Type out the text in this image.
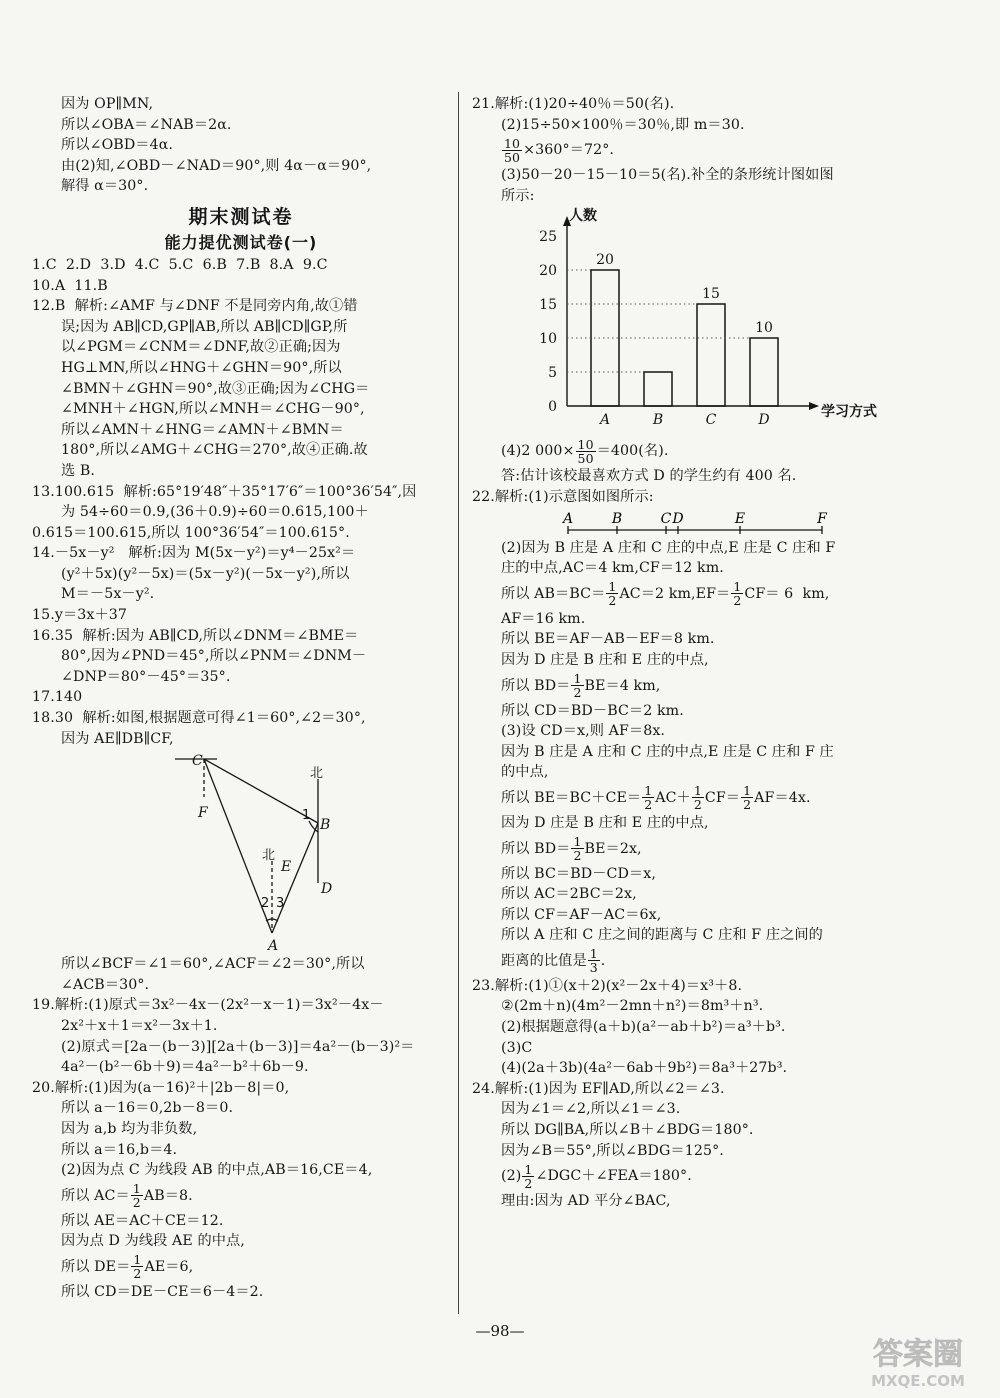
因为 OP∥MN,
所以∠OBA＝∠NAB＝2α.
所以∠OBD＝4α.
由(2)知,∠OBD－∠NAD＝90°,则 4α－α＝90°,
解得 α＝30°.
期末测试卷
能力提优测试卷(一)
1.C  2.D  3.D  4.C  5.C  6.B  7.B  8.A  9.C
10.A  11.B
12.B  解析:∠AMF 与∠DNF 不是同旁内角,故①错
误;因为 AB∥CD,GP∥AB,所以 AB∥CD∥GP,所
以∠PGM＝∠CNM＝∠DNF,故②正确;因为
HG⊥MN,所以∠HNG＋∠GHN＝90°,所以
∠BMN＋∠GHN＝90°,故③正确;因为∠CHG＝
∠MNH＋∠HGN,所以∠MNH＝∠CHG－90°,
所以∠AMN＋∠HNG＝∠AMN＋∠BMN＝
180°,所以∠AMG＋∠CHG＝270°,故④正确.故
选 B.
13.100.615  解析:65°19′48″＋35°17′6″＝100°36′54″,因
为 54÷60＝0.9,(36＋0.9)÷60＝0.615,100＋
0.615＝100.615,所以 100°36′54″＝100.615°.
14.－5x－y²   解析:因为 M(5x－y²)＝y⁴－25x²＝
(y²＋5x)(y²－5x)＝(5x－y²)(－5x－y²),所以
M＝－5x－y².
15.y＝3x＋37
16.35  解析:因为 AB∥CD,所以∠DNM＝∠BME＝
80°,因为∠PND＝45°,所以∠PNM＝∠DNM－
∠DNP＝80°－45°＝35°.
17.140
18.30  解析:如图,根据题意可得∠1＝60°,∠2＝30°,
因为 AE∥DB∥CF,
C
F
B
E
D
A
北
北
1
2 3
所以∠BCF＝∠1＝60°,∠ACF＝∠2＝30°,所以
∠ACB＝30°.
19.解析:(1)原式＝3x²－4x－(2x²－x－1)＝3x²－4x－
2x²＋x＋1＝x²－3x＋1.
(2)原式＝[2a－(b－3)][2a＋(b－3)]＝4a²－(b－3)²＝
4a²－(b²－6b＋9)＝4a²－b²＋6b－9.
20.解析:(1)因为(a－16)²＋|2b－8|＝0,
所以 a－16＝0,2b－8＝0.
因为 a,b 均为非负数,
所以 a＝16,b＝4.
(2)因为点 C 为线段 AB 的中点,AB＝16,CE＝4,
所以 $AC= \frac{1}{2} AB=8$.
所以 AE＝AC＋CE＝12.
因为点 D 为线段 AE 的中点,
所以 $DE= \frac{1}{2} AE=6$,
所以 CD＝DE－CE＝6－4＝2.
21.解析:(1)20÷40％＝50(名).
(2)15÷50×100％＝30％,即 m＝30.
$\frac{10}{50} \times 360^\circ=72^\circ$.
(3)50－20－15－10＝5(名).补全的条形统计图如图
所示:
人数
学习方式
0
5
10
15
20
25
20
A	B
15
C
10
D
(4)2 $000\times \frac{10}{50} =400$(名).
答:估计该校最喜欢方式 D 的学生约有 400 名.
22.解析:(1)示意图如图所示:
A	B	C D	E	F
(2)因为 B 庄是 A 庄和 C 庄的中点,E 庄是 C 庄和 F
庄的中点,AC＝4 km,CF＝12 km.
所以 $AB=BC= \frac{1}{2} AC=2$ $km,EF= \frac{1}{2} CF= 6$  km,
AF＝16 km.
所以 BE＝AF－AB－EF＝8 km.
因为 D 庄是 B 庄和 E 庄的中点,
所以 $BD= \frac{1}{2} BE=4$ km,
所以 CD＝BD－BC＝2 km.
(3)设 CD＝x,则 AF＝8x.
因为 B 庄是 A 庄和 C 庄的中点,E 庄是 C 庄和 F 庄
的中点,
所以 $BE=BC+CE= \frac{1}{2} AC+ \frac{1}{2} CF= \frac{1}{2} AF=4x$.
因为 D 庄是 B 庄和 E 庄的中点,
所以 $BD= \frac{1}{2} BE=2x$,
所以 BC＝BD－CD＝x,
所以 AC＝2BC＝2x,
所以 CF＝AF－AC＝6x,
所以 A 庄和 C 庄之间的距离与 C 庄和 F 庄之间的
距离的比值是 $\frac{1}{3}$ .
23.解析:(1)①(x＋2)(x²－2x＋4)＝x³＋8.
②(2m＋n)(4m²－2mn＋n²)＝8m³＋n³.
(2)根据题意得(a＋b)(a²－ab＋b²)＝a³＋b³.
(3)C
(4)(2a＋3b)(4a²－6ab＋9b²)＝8a³＋27b³.
24.解析:(1)因为 EF∥AD,所以∠2＝∠3.
因为∠1＝∠2,所以∠1＝∠3.
所以 DG∥BA,所以∠B＋∠BDG＝180°.
因为∠B＝55°,所以∠BDG＝125°.
$(2) \frac{1}{2}$ ∠DGC＋∠FEA＝180°.
理由:因为 AD 平分∠BAC,
—98—
答案圈
MXQE.COM
